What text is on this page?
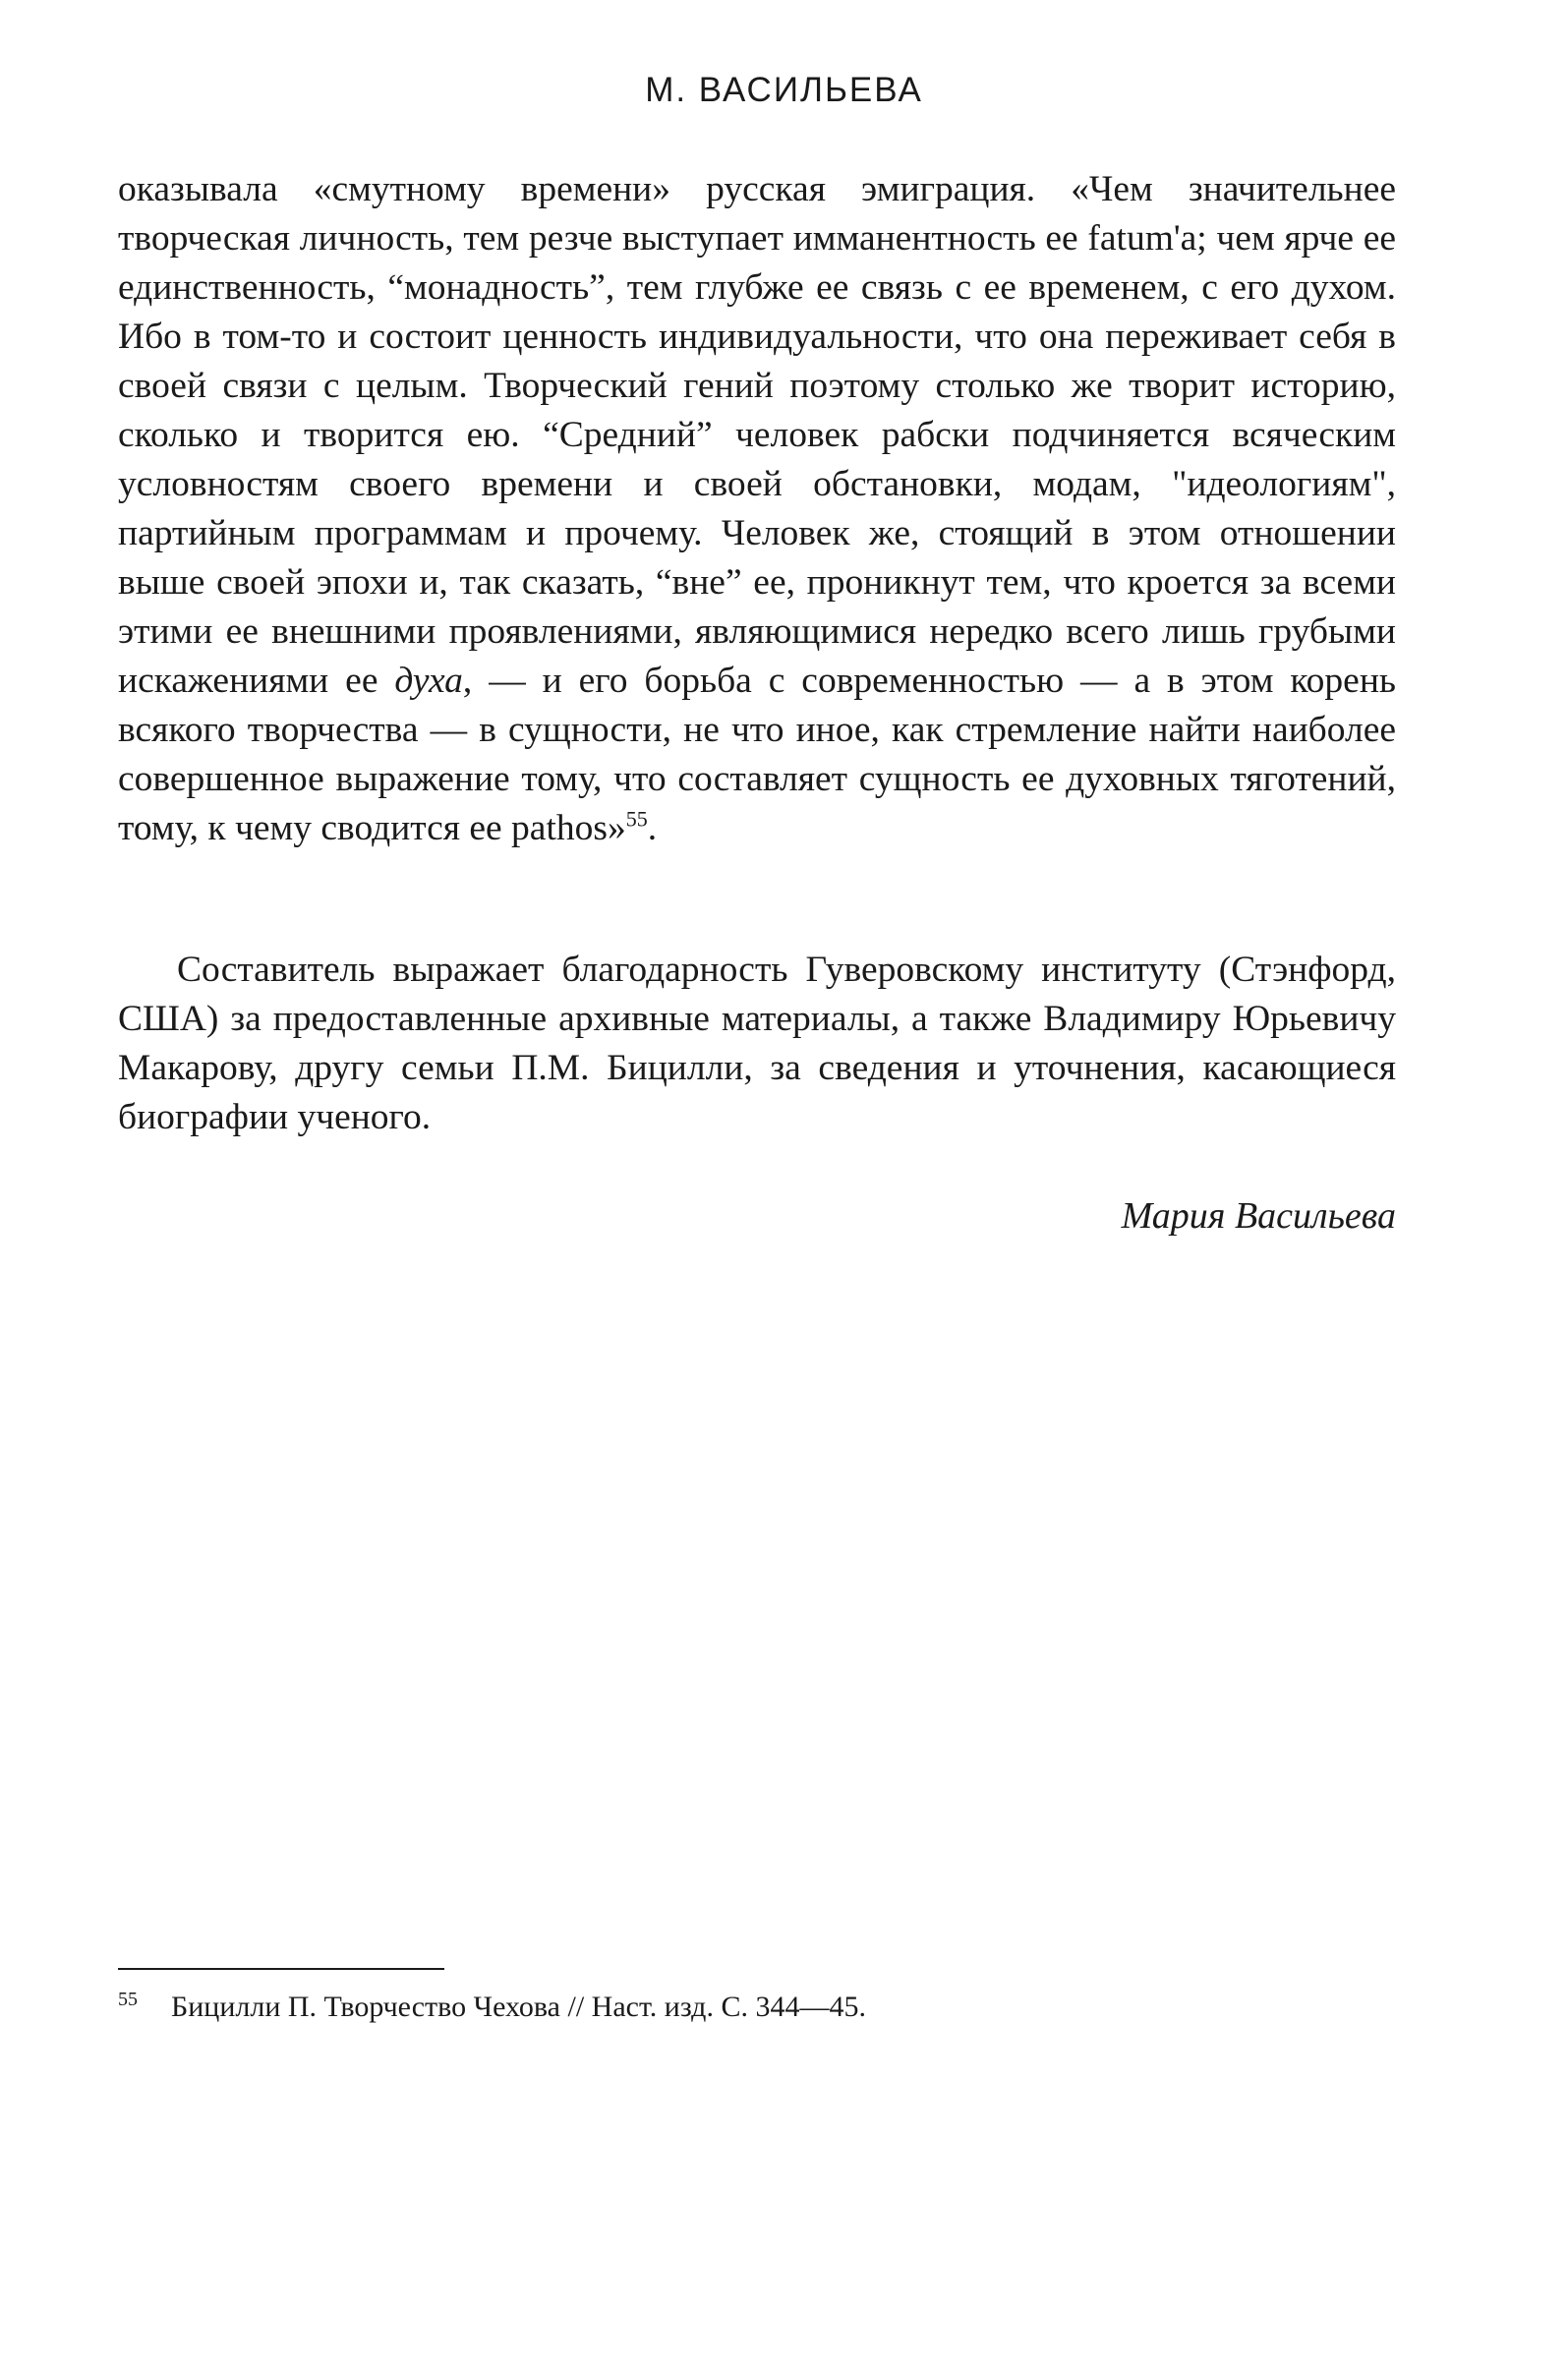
М. ВАСИЛЬЕВА

оказывала «смутному времени» русская эмиграция. «Чем значительнее творческая личность, тем резче выступает имманентность ее fatum'a; чем ярче ее единственность, “монадность”, тем глубже ее связь с ее временем, с его духом. Ибо в том-то и состоит ценность индивидуальности, что она переживает себя в своей связи с целым. Творческий гений поэтому столько же творит историю, сколько и творится ею. “Средний” человек рабски подчиняется всяческим условностям своего времени и своей обстановки, модам, "идеологиям", партийным программам и прочему. Человек же, стоящий в этом отношении выше своей эпохи и, так сказать, “вне” ее, проникнут тем, что кроется за всеми этими ее внешними проявлениями, являющимися нередко всего лишь грубыми искажениями ее духа, — и его борьба с современностью — а в этом корень всякого творчества — в сущности, не что иное, как стремление найти наиболее совершенное выражение тому, что составляет сущность ее духовных тяготений, тому, к чему сводится ее pathos»$^{55}$.

Составитель выражает благодарность Гуверовскому институту (Стэнфорд, США) за предоставленные архивные материалы, а также Владимиру Юрьевичу Макарову, другу семьи П.М. Бицилли, за сведения и уточнения, касающиеся биографии ученого.

Мария Васильева
$^{55}$ Бицилли П. Творчество Чехова // Наст. изд. С. 344—45.
